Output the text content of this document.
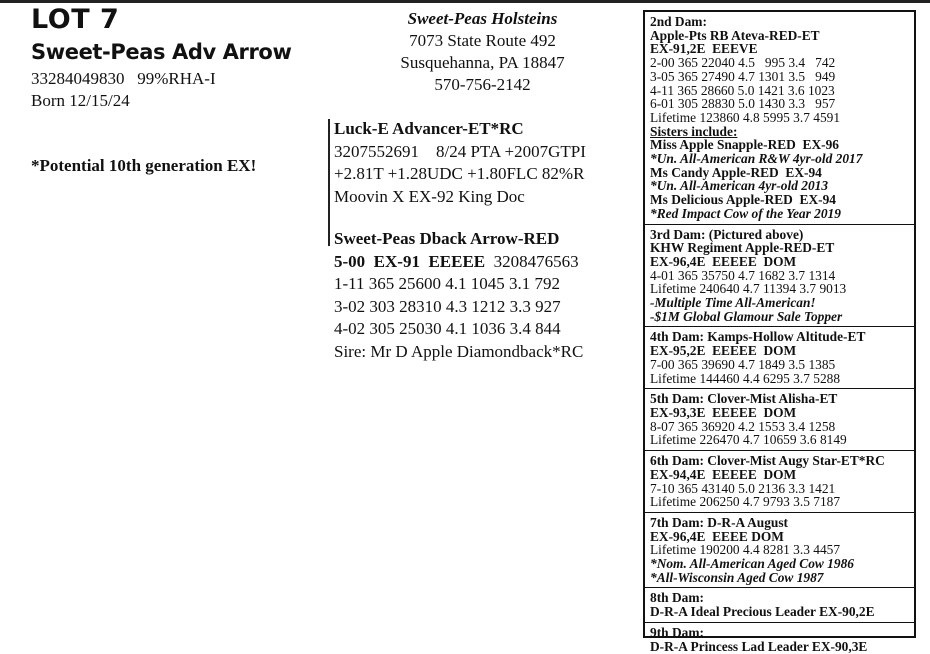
LOT 7
Sweet-Peas Adv Arrow
33284049830   99%RHA-I
Born 12/15/24
*Potential 10th generation EX!
Sweet-Peas Holsteins
7073 State Route 492
Susquehanna, PA 18847
570-756-2142
Luck-E Advancer-ET*RC
3207552691    8/24 PTA +2007GTPI
+2.81T +1.28UDC +1.80FLC 82%R
Moovin X EX-92 King Doc
Sweet-Peas Dback Arrow-RED
5-00  EX-91  EEEEE  3208476563
1-11 365 25600 4.1 1045 3.1 792
3-02 303 28310 4.3 1212 3.3 927
4-02 305 25030 4.1 1036 3.4 844
Sire: Mr D Apple Diamondback*RC
2nd Dam:
Apple-Pts RB Ateva-RED-ET
EX-91,2E  EEEVE
2-00 365 22040 4.5   995 3.4   742
3-05 365 27490 4.7 1301 3.5   949
4-11 365 28660 5.0 1421 3.6 1023
6-01 305 28830 5.0 1430 3.3   957
Lifetime 123860 4.8 5995 3.7 4591
Sisters include:
Miss Apple Snapple-RED  EX-96
*Un. All-American R&W 4yr-old 2017
Ms Candy Apple-RED  EX-94
*Un. All-American 4yr-old 2013
Ms Delicious Apple-RED  EX-94
*Red Impact Cow of the Year 2019
3rd Dam: (Pictured above)
KHW Regiment Apple-RED-ET
EX-96,4E  EEEEE  DOM
4-01 365 35750 4.7 1682 3.7 1314
Lifetime 240640 4.7 11394 3.7 9013
-Multiple Time All-American!
-$1M Global Glamour Sale Topper
4th Dam: Kamps-Hollow Altitude-ET
EX-95,2E  EEEEE  DOM
7-00 365 39690 4.7 1849 3.5 1385
Lifetime 144460 4.4 6295 3.7 5288
5th Dam: Clover-Mist Alisha-ET
EX-93,3E  EEEEE  DOM
8-07 365 36920 4.2 1553 3.4 1258
Lifetime 226470 4.7 10659 3.6 8149
6th Dam: Clover-Mist Augy Star-ET*RC
EX-94,4E  EEEEE  DOM
7-10 365 43140 5.0 2136 3.3 1421
Lifetime 206250 4.7 9793 3.5 7187
7th Dam: D-R-A August
EX-96,4E  EEEE DOM
Lifetime 190200 4.4 8281 3.3 4457
*Nom. All-American Aged Cow 1986
*All-Wisconsin Aged Cow 1987
8th Dam:
D-R-A Ideal Precious Leader EX-90,2E
9th Dam:
D-R-A Princess Lad Leader EX-90,3E
